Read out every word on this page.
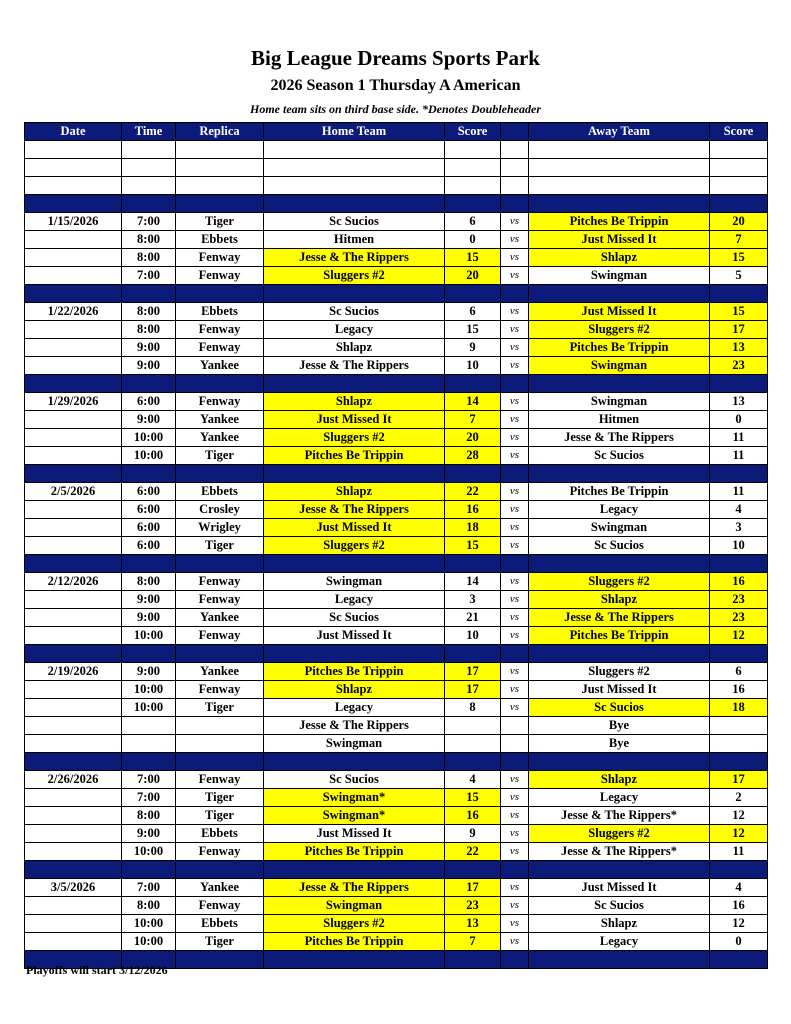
Big League Dreams Sports Park
2026 Season 1 Thursday A American
Home team sits on third base side. *Denotes Doubleheader
Date	Time	Replica	Home Team	Score		Away Team	Score

1/15/2026	7:00	Tiger	Sc Sucios	6	vs	Pitches Be Trippin	20
	8:00	Ebbets	Hitmen	0	vs	Just Missed It	7
	8:00	Fenway	Jesse & The Rippers	15	vs	Shlapz	15
	7:00	Fenway	Sluggers #2	20	vs	Swingman	5

1/22/2026	8:00	Ebbets	Sc Sucios	6	vs	Just Missed It	15
	8:00	Fenway	Legacy	15	vs	Sluggers #2	17
	9:00	Fenway	Shlapz	9	vs	Pitches Be Trippin	13
	9:00	Yankee	Jesse & The Rippers	10	vs	Swingman	23

1/29/2026	6:00	Fenway	Shlapz	14	vs	Swingman	13
	9:00	Yankee	Just Missed It	7	vs	Hitmen	0
	10:00	Yankee	Sluggers #2	20	vs	Jesse & The Rippers	11
	10:00	Tiger	Pitches Be Trippin	28	vs	Sc Sucios	11

2/5/2026	6:00	Ebbets	Shlapz	22	vs	Pitches Be Trippin	11
	6:00	Crosley	Jesse & The Rippers	16	vs	Legacy	4
	6:00	Wrigley	Just Missed It	18	vs	Swingman	3
	6:00	Tiger	Sluggers #2	15	vs	Sc Sucios	10

2/12/2026	8:00	Fenway	Swingman	14	vs	Sluggers #2	16
	9:00	Fenway	Legacy	3	vs	Shlapz	23
	9:00	Yankee	Sc Sucios	21	vs	Jesse & The Rippers	23
	10:00	Fenway	Just Missed It	10	vs	Pitches Be Trippin	12

2/19/2026	9:00	Yankee	Pitches Be Trippin	17	vs	Sluggers #2	6
	10:00	Fenway	Shlapz	17	vs	Just Missed It	16
	10:00	Tiger	Legacy	8	vs	Sc Sucios	18
			Jesse & The Rippers			Bye	
			Swingman			Bye	

2/26/2026	7:00	Fenway	Sc Sucios	4	vs	Shlapz	17
	7:00	Tiger	Swingman*	15	vs	Legacy	2
	8:00	Tiger	Swingman*	16	vs	Jesse & The Rippers*	12
	9:00	Ebbets	Just Missed It	9	vs	Sluggers #2	12
	10:00	Fenway	Pitches Be Trippin	22	vs	Jesse & The Rippers*	11

3/5/2026	7:00	Yankee	Jesse & The Rippers	17	vs	Just Missed It	4
	8:00	Fenway	Swingman	23	vs	Sc Sucios	16
	10:00	Ebbets	Sluggers #2	13	vs	Shlapz	12
	10:00	Tiger	Pitches Be Trippin	7	vs	Legacy	0

Playoffs will start 3/12/2026
